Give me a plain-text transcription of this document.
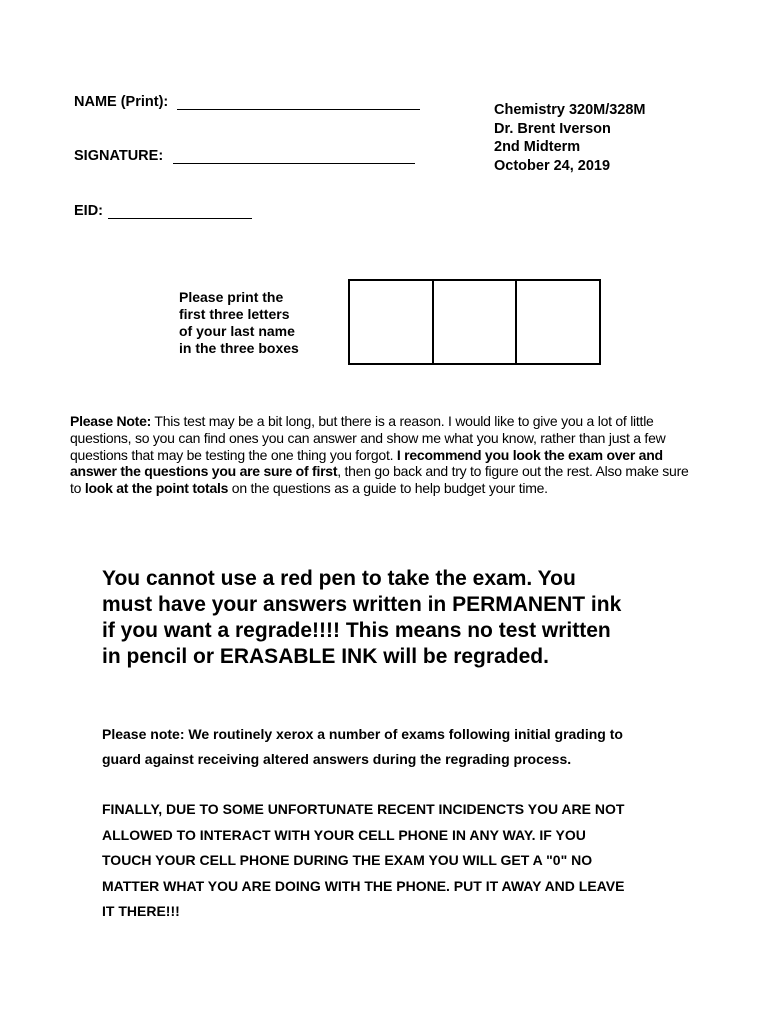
NAME (Print):
SIGNATURE:
EID:
Chemistry 320M/328M
Dr. Brent Iverson
2nd Midterm
October 24, 2019
Please print the
first three letters
of your last name
in the three boxes
Please Note: This test may be a bit long, but there is a reason. I would like to give you a lot of little questions, so you can find ones you can answer and show me what you know, rather than just a few questions that may be testing the one thing you forgot. I recommend you look the exam over and answer the questions you are sure of first, then go back and try to figure out the rest. Also make sure to look at the point totals on the questions as a guide to help budget your time.
You cannot use a red pen to take the exam. You
must have your answers written in PERMANENT ink
if you want a regrade!!!! This means no test written
in pencil or ERASABLE INK will be regraded.
Please note: We routinely xerox a number of exams following initial grading to
guard against receiving altered answers during the regrading process.
FINALLY, DUE TO SOME UNFORTUNATE RECENT INCIDENCTS YOU ARE NOT
ALLOWED TO INTERACT WITH YOUR CELL PHONE IN ANY WAY. IF YOU
TOUCH YOUR CELL PHONE DURING THE EXAM YOU WILL GET A "0" NO
MATTER WHAT YOU ARE DOING WITH THE PHONE. PUT IT AWAY AND LEAVE
IT THERE!!!
